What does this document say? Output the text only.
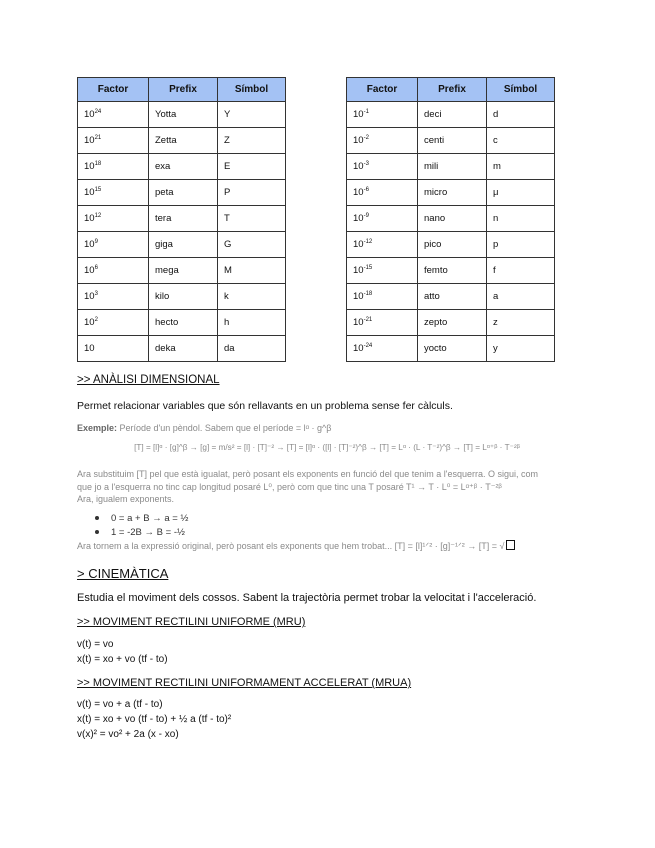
Factor	Prefix	Símbol
$10^{24}$	Yotta	Y
$10^{21}$	Zetta	Z
$10^{18}$	exa	E
$10^{15}$	peta	P
$10^{12}$	tera	T
$10^9$	giga	G
$10^6$	mega	M
$10^3$	kilo	k
$10^2$	hecto	h
10	deka	da
Factor	Prefix	Símbol
$10^{-1}$	deci	d
$10^{-2}$	centi	c
$10^{-3}$	mili	m
$10^{-6}$	micro	μ
$10^{-9}$	nano	n
$10^{-12}$	pico	p
$10^{-15}$	femto	f
$10^{-18}$	atto	a
$10^{-21}$	zepto	z
$10^{-24}$	yocto	y
>> ANÀLISI DIMENSIONAL
Permet relacionar variables que són rellavants en un problema sense fer càlculs.
Exemple: Període d'un pèndol. Sabem que el període = lᵅ · g^β
[T] = [l]ᵅ · [g]^β → [g] = m/s² = [l] · [T]⁻² → [T] = [l]ᵅ · ([l] · [T]⁻²)^β → [T] = Lᵅ · (L · T⁻²)^β → [T] = Lᵅ⁺ᵝ · T⁻²ᵝ
Ara substituim [T] pel que està igualat, però posant els exponents en funció del que tenim a l'esquerra. O sigui, com
que jo a l'esquerra no tinc cap longitud posaré L⁰, però com que tinc una T posaré T¹ → T · L⁰ = Lᵅ⁺ᵝ · T⁻²ᵝ
Ara, igualem exponents.
0 = a + B → a = ½
1 = -2B → B = -½
Ara tornem a la expressió original, però posant els exponents que hem trobat... [T] = [l]¹ᐟ² · [g]⁻¹ᐟ² → [T] = √
> CINEMÀTICA
Estudia el moviment dels cossos. Sabent la trajectòria permet trobar la velocitat i l'acceleració.
>> MOVIMENT RECTILINI UNIFORME (MRU)
v(t) = vo
x(t) = xo + vo (tf - to)
>> MOVIMENT RECTILINI UNIFORMAMENT ACCELERAT (MRUA)
v(t) = vo + a (tf - to)
x(t) = xo + vo (tf - to) + ½ a (tf - to)²
v(x)² = vo² + 2a (x - xo)
